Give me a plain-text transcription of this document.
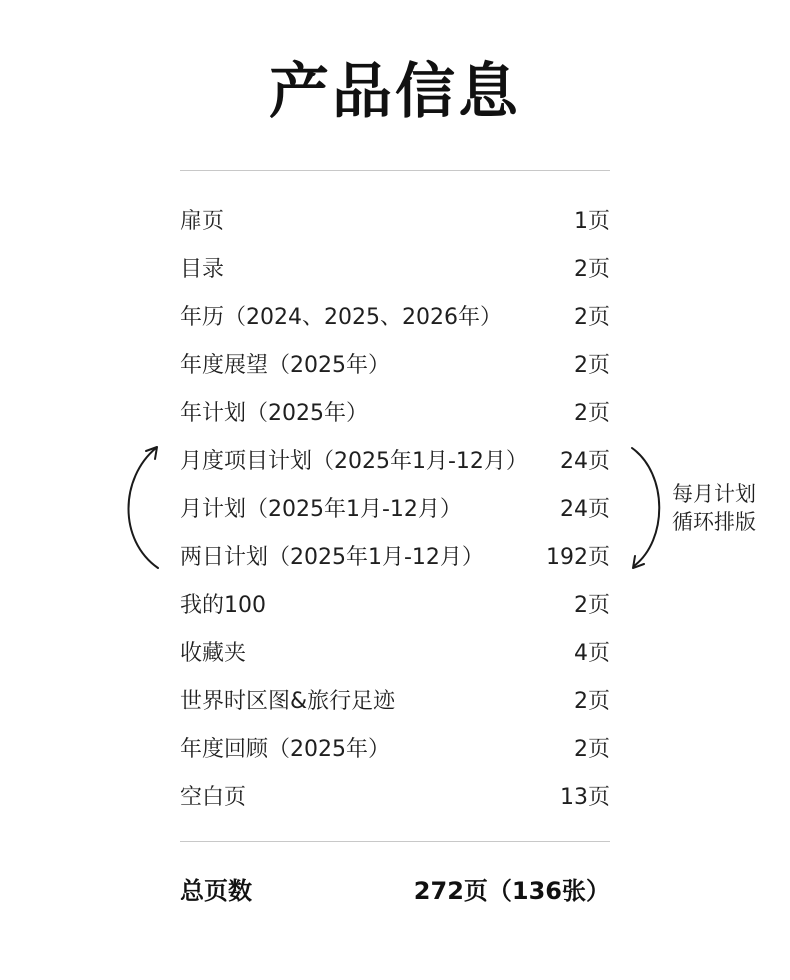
产品信息
扉页	1页
目录	2页
年历（2024、2025、2026年）	2页
年度展望（2025年）	2页
年计划（2025年）	2页
月度项目计划（2025年1月-12月） 24页
月计划（2025年1月-12月）	24页
两日计划（2025年1月-12月）	192页
我的100	2页
收藏夹	4页
世界时区图&旅行足迹	2页
年度回顾（2025年）	2页
空白页	13页
每月计划
循环排版
总页数	272页（136张）
